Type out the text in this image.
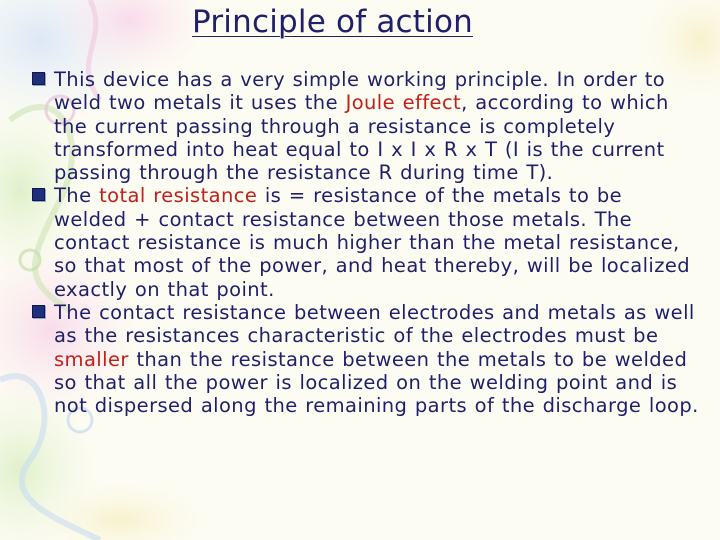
Principle of action
This device has a very simple working principle. In order to weld two metals it uses the Joule effect, according to which the current passing through a resistance is completely transformed into heat equal to I x I x R x T (I is the current passing through the resistance R during time T).
The total resistance is = resistance of the metals to be welded + contact resistance between those metals. The contact resistance is much higher than the metal resistance, so that most of the power, and heat thereby, will be localized exactly on that point.
The contact resistance between electrodes and metals as well as the resistances characteristic of the electrodes must be smaller than the resistance between the metals to be welded so that all the power is localized on the welding point and is not dispersed along the remaining parts of the discharge loop.
